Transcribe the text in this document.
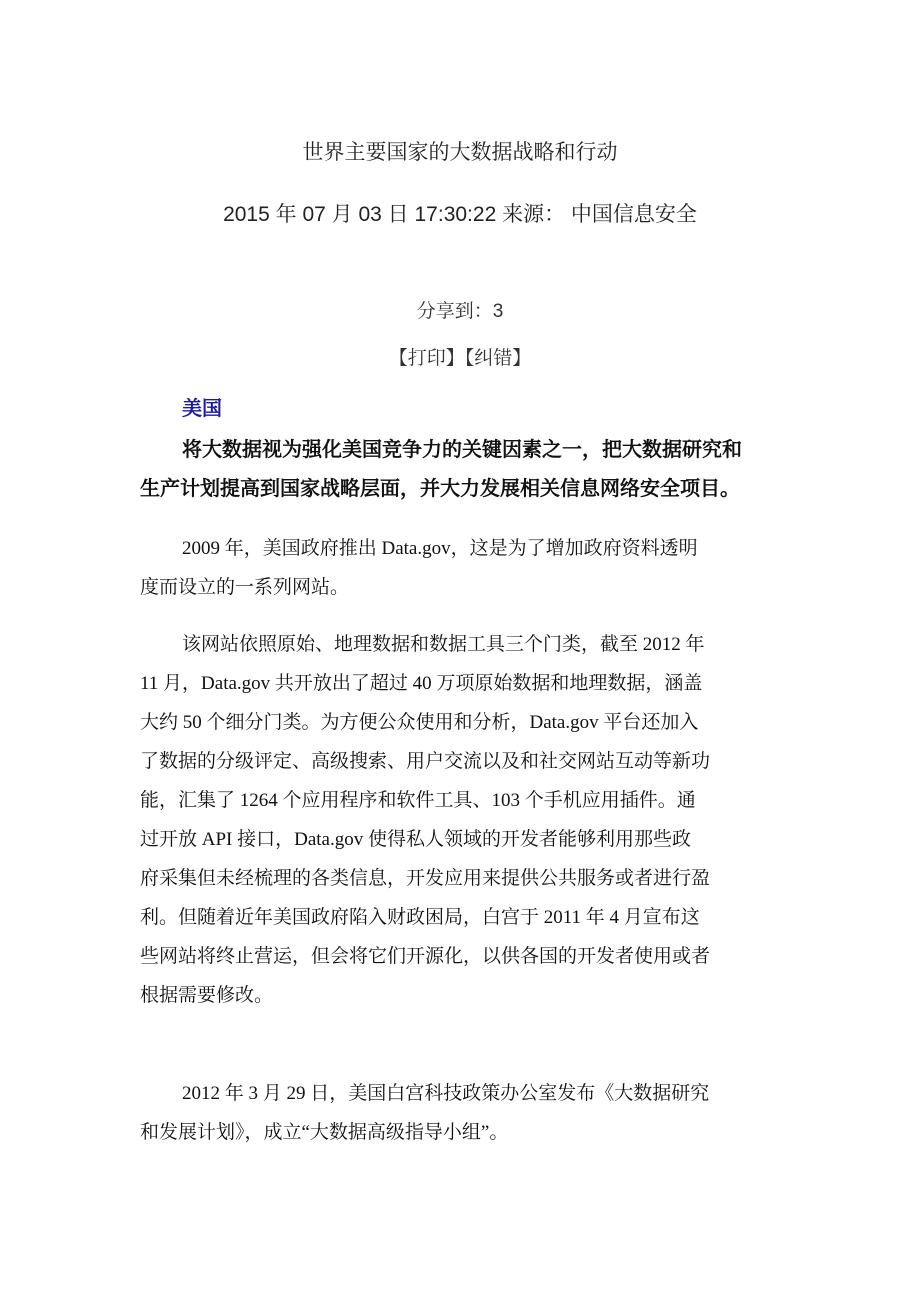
世界主要国家的大数据战略和行动
2015 年 07 月 03 日 17:30:22 来源： 中国信息安全
分享到：3
【打印】【纠错】
美国
将大数据视为强化美国竞争力的关键因素之一，把大数据研究和
生产计划提高到国家战略层面，并大力发展相关信息网络安全项目。
2009 年，美国政府推出 Data.gov，这是为了增加政府资料透明
度而设立的一系列网站。
该网站依照原始、地理数据和数据工具三个门类，截至 2012 年
11 月，Data.gov 共开放出了超过 40 万项原始数据和地理数据，涵盖
大约 50 个细分门类。为方便公众使用和分析，Data.gov 平台还加入
了数据的分级评定、高级搜索、用户交流以及和社交网站互动等新功
能，汇集了 1264 个应用程序和软件工具、103 个手机应用插件。通
过开放 API 接口，Data.gov 使得私人领域的开发者能够利用那些政
府采集但未经梳理的各类信息，开发应用来提供公共服务或者进行盈
利。但随着近年美国政府陷入财政困局，白宫于 2011 年 4 月宣布这
些网站将终止营运，但会将它们开源化，以供各国的开发者使用或者
根据需要修改。
2012 年 3 月 29 日，美国白宫科技政策办公室发布《大数据研究
和发展计划》，成立“大数据高级指导小组”。
